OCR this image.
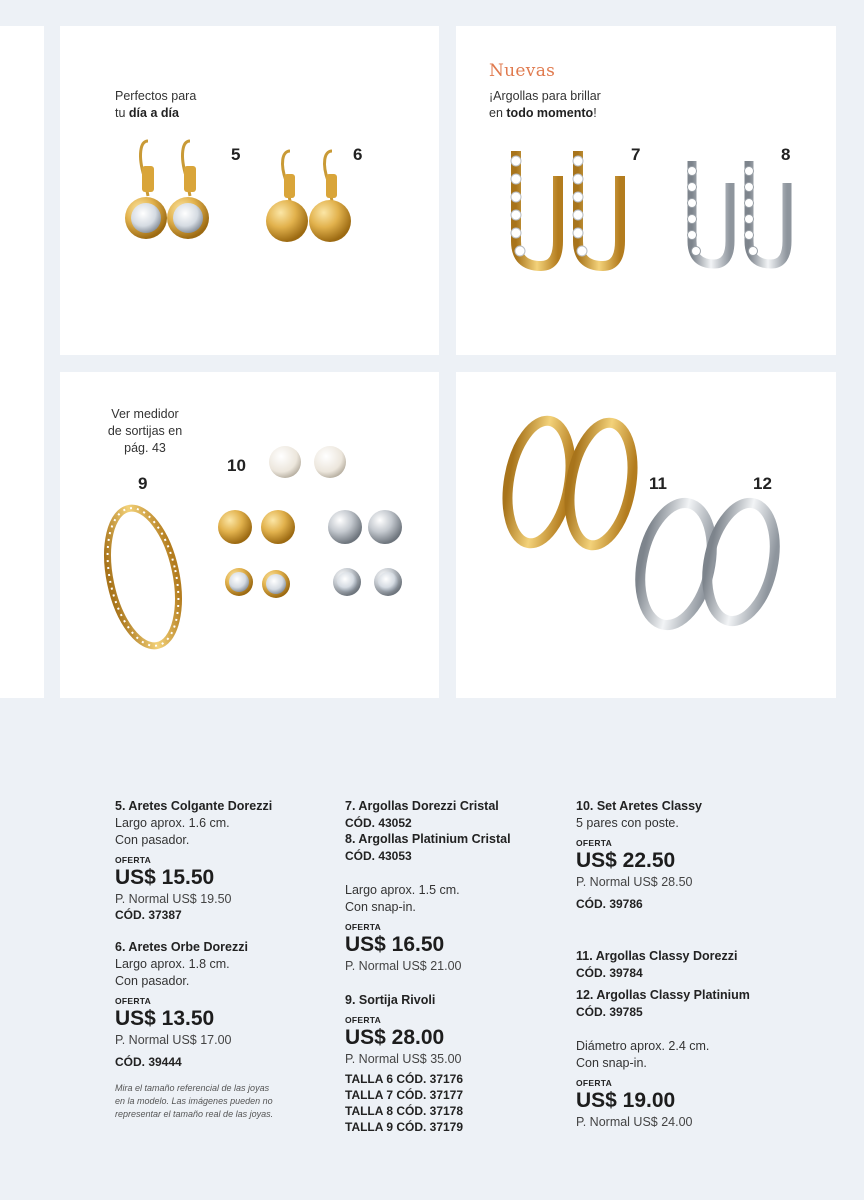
Perfectos para
tu día a día
5	6
Nuevas
¡Argollas para brillar
en todo momento!
7	8
Ver medidor
de sortijas en
pág. 43
9
10
11	12
5. Aretes Colgante Dorezzi
Largo aprox. 1.6 cm.
Con pasador.
OFERTA
US$ 15.50
P. Normal US$ 19.50
CÓD. 37387
6. Aretes Orbe Dorezzi
Largo aprox. 1.8 cm.
Con pasador.
OFERTA
US$ 13.50
P. Normal US$ 17.00
CÓD. 39444
Mira el tamaño referencial de las joyas en la modelo. Las imágenes pueden no representar el tamaño real de las joyas.
7. Argollas Dorezzi Cristal
CÓD. 43052
8. Argollas Platinium Cristal
CÓD. 43053
Largo aprox. 1.5 cm.
Con snap-in.
OFERTA
US$ 16.50
P. Normal US$ 21.00
9. Sortija Rivoli
OFERTA
US$ 28.00
P. Normal US$ 35.00
TALLA 6 CÓD. 37176
TALLA 7 CÓD. 37177
TALLA 8 CÓD. 37178
TALLA 9 CÓD. 37179
10. Set Aretes Classy
5 pares con poste.
OFERTA
US$ 22.50
P. Normal US$ 28.50
CÓD. 39786
11. Argollas Classy Dorezzi
CÓD. 39784
12. Argollas Classy Platinium
CÓD. 39785
Diámetro aprox. 2.4 cm.
Con snap-in.
OFERTA
US$ 19.00
P. Normal US$ 24.00
